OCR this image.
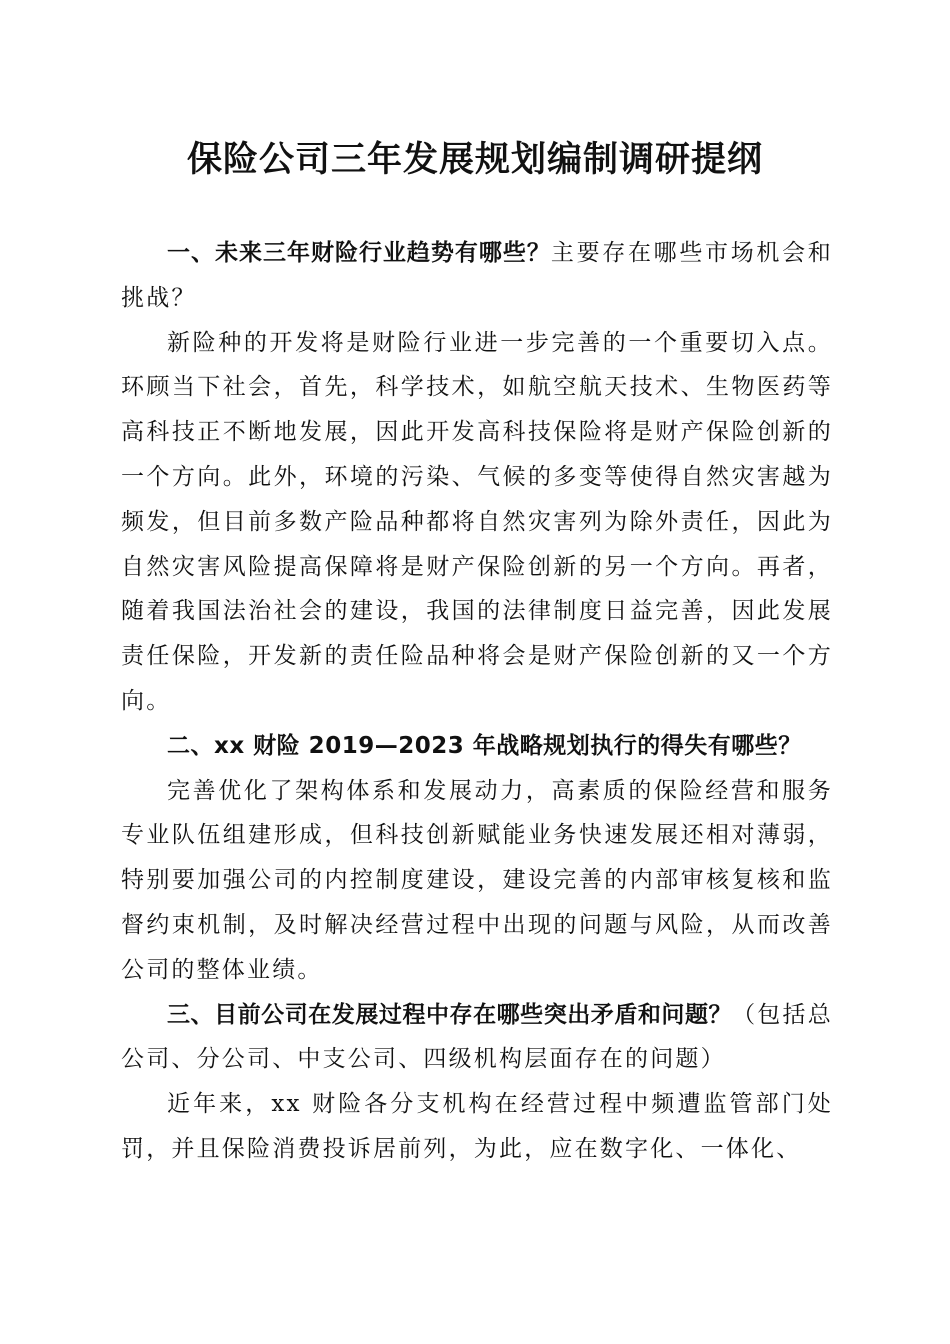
保险公司三年发展规划编制调研提纲

一、未来三年财险行业趋势有哪些？主要存在哪些市场机会和挑战？

新险种的开发将是财险行业进一步完善的一个重要切入点。环顾当下社会，首先，科学技术，如航空航天技术、生物医药等高科技正不断地发展，因此开发高科技保险将是财产保险创新的一个方向。此外，环境的污染、气候的多变等使得自然灾害越为频发，但目前多数产险品种都将自然灾害列为除外责任，因此为自然灾害风险提高保障将是财产保险创新的另一个方向。再者，随着我国法治社会的建设，我国的法律制度日益完善，因此发展责任保险，开发新的责任险品种将会是财产保险创新的又一个方向。

二、xx 财险 2019—2023 年战略规划执行的得失有哪些？

完善优化了架构体系和发展动力，高素质的保险经营和服务专业队伍组建形成，但科技创新赋能业务快速发展还相对薄弱，特别要加强公司的内控制度建设，建设完善的内部审核复核和监督约束机制，及时解决经营过程中出现的问题与风险，从而改善公司的整体业绩。

三、目前公司在发展过程中存在哪些突出矛盾和问题？（包括总公司、分公司、中支公司、四级机构层面存在的问题）

近年来，xx 财险各分支机构在经营过程中频遭监管部门处罚，并且保险消费投诉居前列，为此，应在数字化、一体化、
